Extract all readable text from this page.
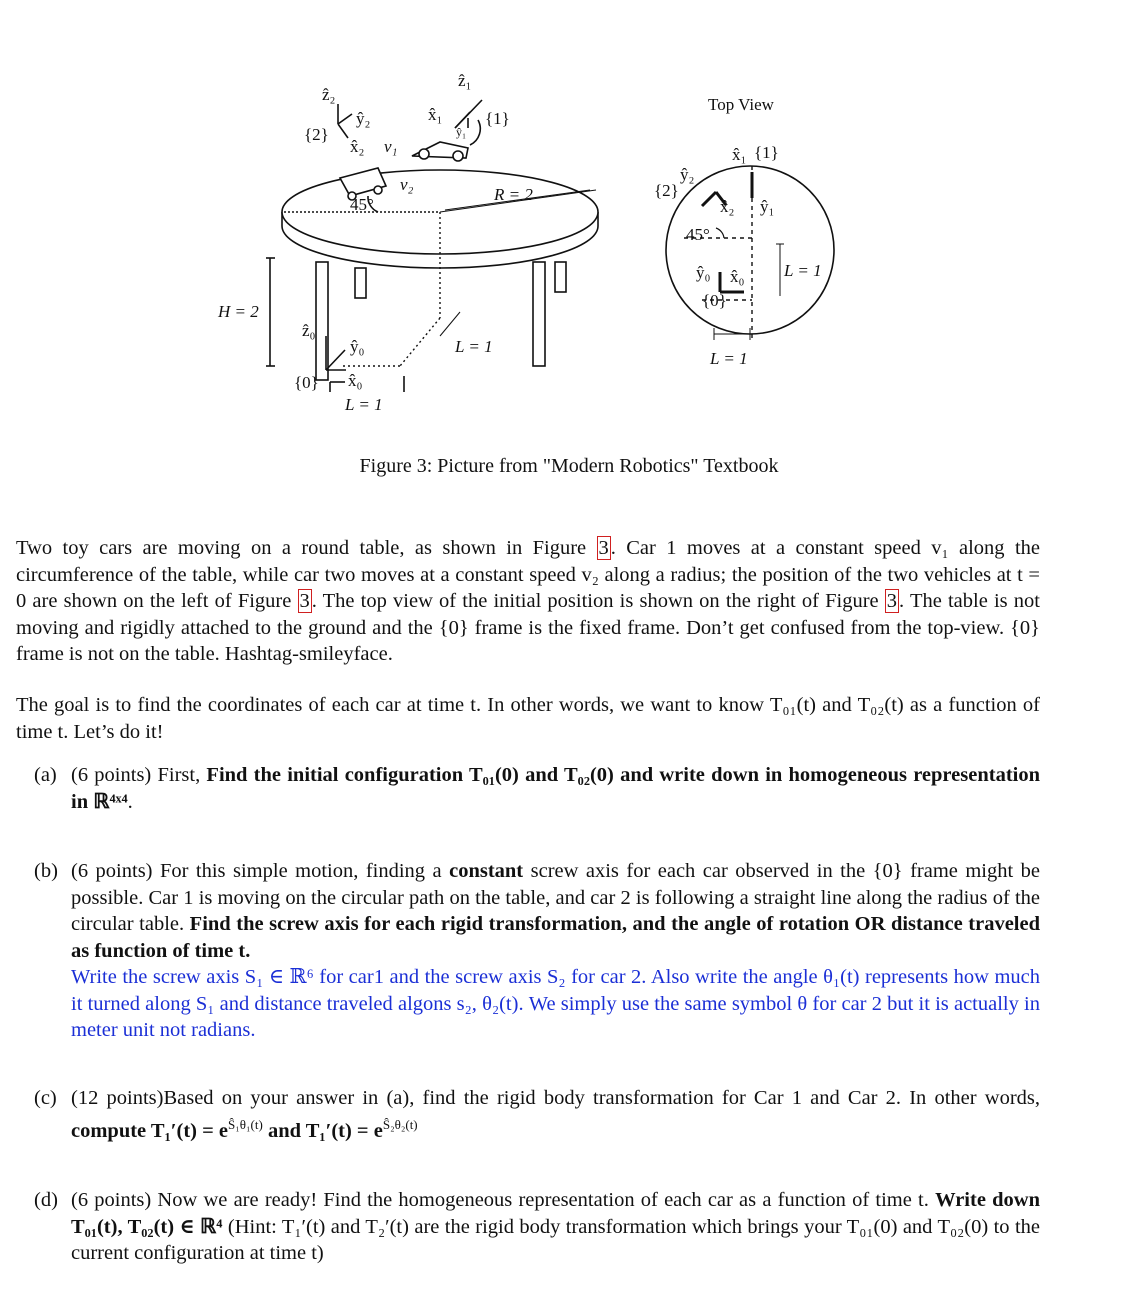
ẑ₁
x̂₁
ŷ₁
{1}
ẑ₂
ŷ₂
{2}
x̂₂ v₁
v₂
45°
R = 2
H = 2
ẑ₀
ŷ₀
x̂₀
{0}
L = 1
L = 1
Top View
x̂₁ {1}
ŷ₂
{2}
x̂₂ ŷ₁
45°
ŷ₀ x̂₀ L = 1
{0}
L = 1
Figure 3: Picture from "Modern Robotics" Textbook
Two toy cars are moving on a round table, as shown in Figure 3. Car 1 moves at a constant speed v₁ along the circumference of the table, while car two moves at a constant speed v₂ along a radius; the position of the two vehicles at t = 0 are shown on the left of Figure 3. The top view of the initial position is shown on the right of Figure 3. The table is not moving and rigidly attached to the ground and the {0} frame is the fixed frame. Don’t get confused from the top-view. {0} frame is not on the table. Hashtag-smileyface.
The goal is to find the coordinates of each car at time t. In other words, we want to know T₀₁(t) and T₀₂(t) as a function of time t. Let’s do it!
(a) (6 points) First, Find the initial configuration T₀₁(0) and T₀₂(0) and write down in homogeneous representation in ℝ⁴ˣ⁴.
(b) (6 points) For this simple motion, finding a constant screw axis for each car observed in the {0} frame might be possible. Car 1 is moving on the circular path on the table, and car 2 is following a straight line along the radius of the circular table. Find the screw axis for each rigid transformation, and the angle of rotation OR distance traveled as function of time t.
Write the screw axis S₁ ∈ ℝ⁶ for car1 and the screw axis S₂ for car 2. Also write the angle θ₁(t) represents how much it turned along S₁ and distance traveled algons s₂, θ₂(t). We simply use the same symbol θ for car 2 but it is actually in meter unit not radians.
(c) (12 points)Based on your answer in (a), find the rigid body transformation for Car 1 and Car 2. In other words, compute $T_1'(t) = e^{Ŝ_1\theta_1(t)}$ and $T_1'(t) = e^{Ŝ_2\theta_2(t)}$
(d) (6 points) Now we are ready! Find the homogeneous representation of each car as a function of time t. Write down T₀₁(t), T₀₂(t) ∈ ℝ⁴ (Hint: T₁′(t) and T₂′(t) are the rigid body transformation which brings your T₀₁(0) and T₀₂(0) to the current configuration at time t)
